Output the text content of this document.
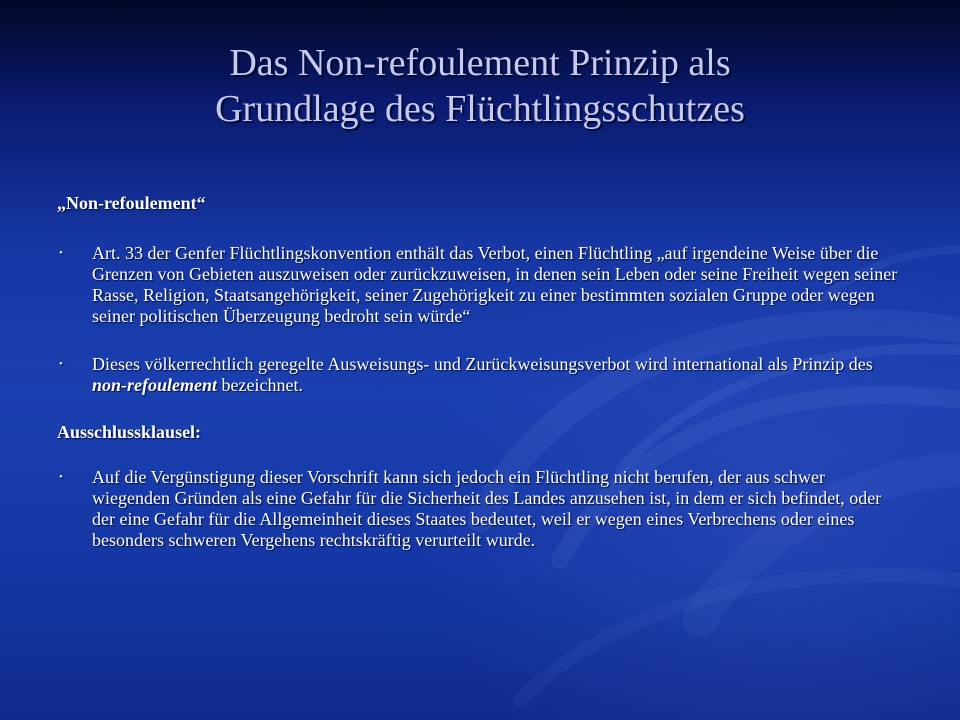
Das Non-refoulement Prinzip als
Grundlage des Flüchtlingsschutzes

„Non-refoulement“

• Art. 33 der Genfer Flüchtlingskonvention enthält das Verbot, einen Flüchtling „auf irgendeine Weise über die Grenzen von Gebieten auszuweisen oder zurückzuweisen, in denen sein Leben oder seine Freiheit wegen seiner Rasse, Religion, Staatsangehörigkeit, seiner Zugehörigkeit zu einer bestimmten sozialen Gruppe oder wegen seiner politischen Überzeugung bedroht sein würde“

• Dieses völkerrechtlich geregelte Ausweisungs- und Zurückweisungsverbot wird international als Prinzip des non-refoulement bezeichnet.

Ausschlussklausel:

• Auf die Vergünstigung dieser Vorschrift kann sich jedoch ein Flüchtling nicht berufen, der aus schwer wiegenden Gründen als eine Gefahr für die Sicherheit des Landes anzusehen ist, in dem er sich befindet, oder der eine Gefahr für die Allgemeinheit dieses Staates bedeutet, weil er wegen eines Verbrechens oder eines besonders schweren Vergehens rechtskräftig verurteilt wurde.
